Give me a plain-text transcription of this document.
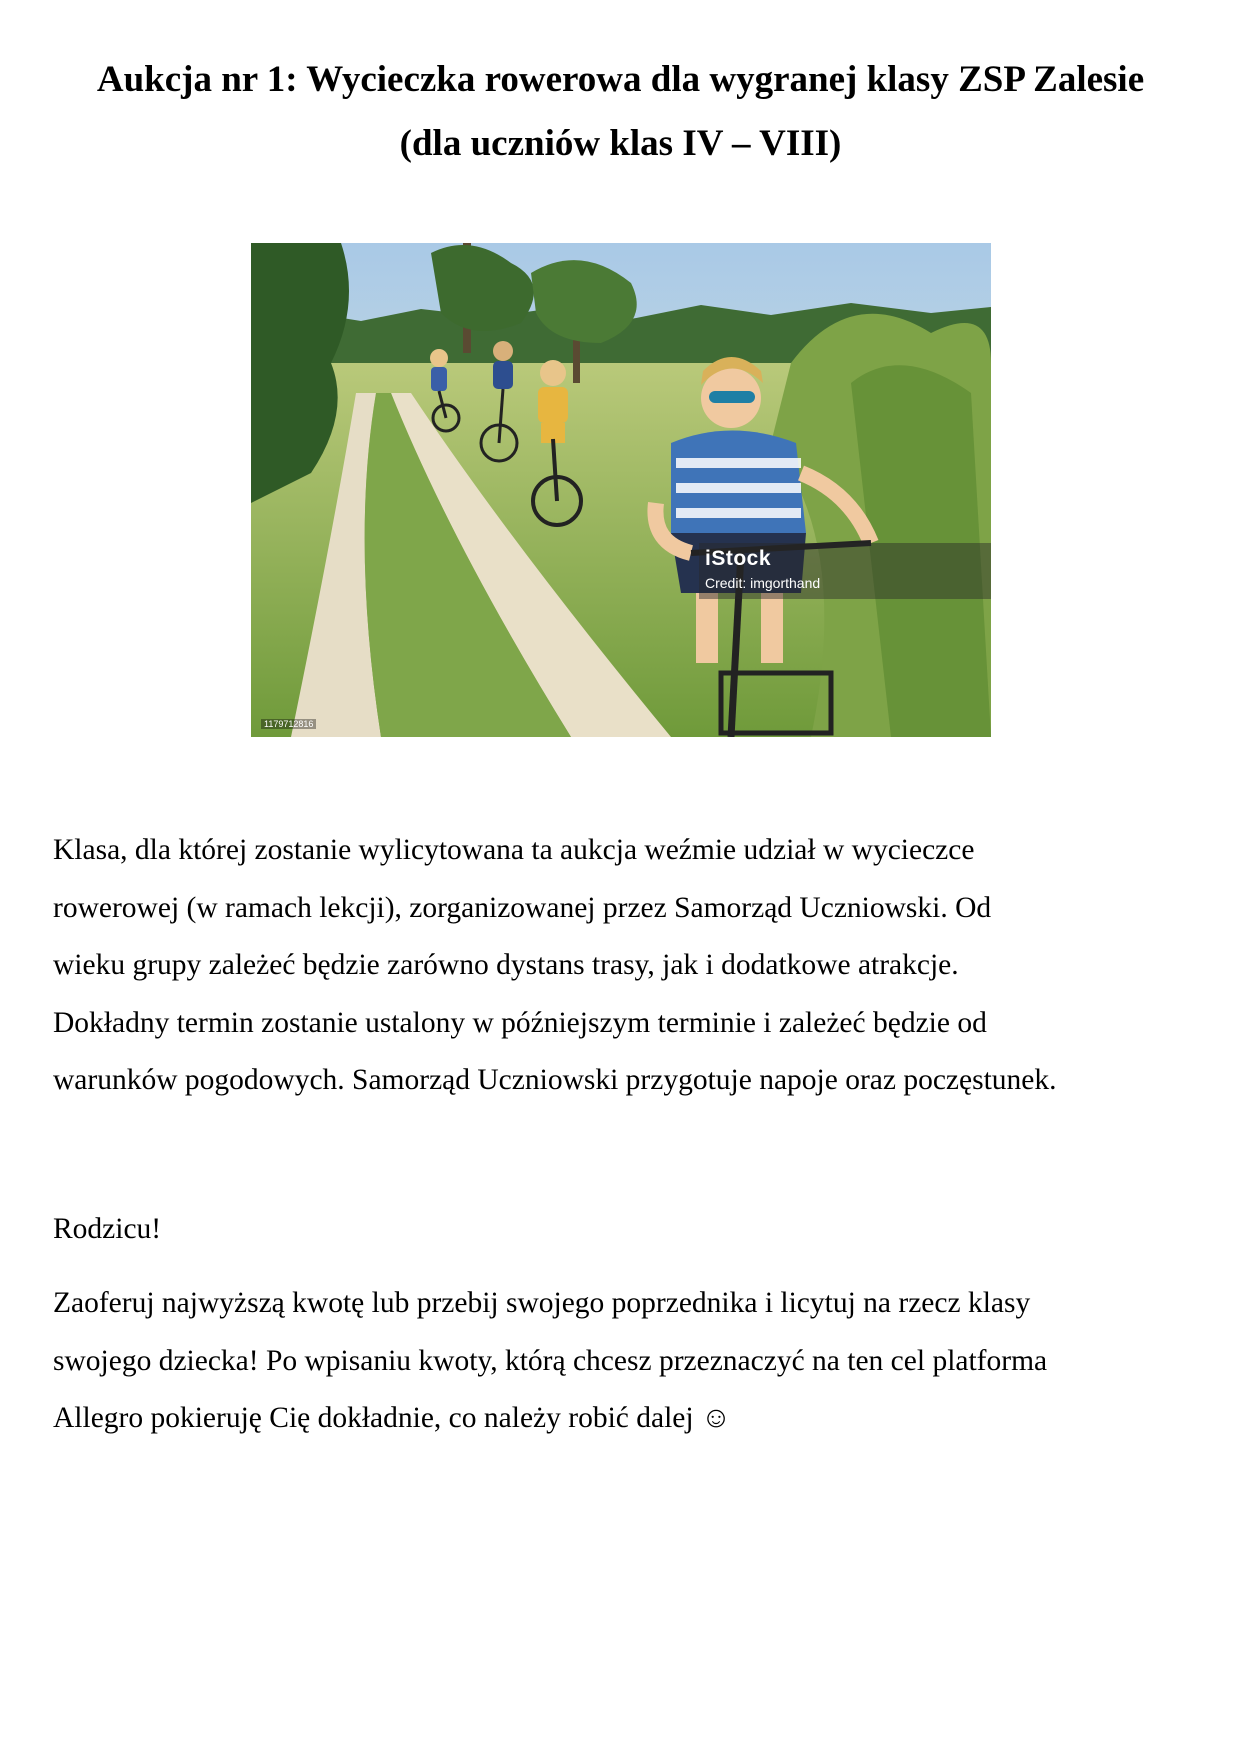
Aukcja nr 1: Wycieczka rowerowa dla wygranej klasy ZSP Zalesie
(dla uczniów klas IV – VIII)
iStock
Credit: imgorthand
1179712816

Klasa, dla której zostanie wylicytowana ta aukcja weźmie udział w wycieczce

rowerowej (w ramach lekcji), zorganizowanej przez Samorząd Uczniowski. Od

wieku grupy zależeć będzie zarówno dystans trasy, jak i dodatkowe atrakcje.

Dokładny termin zostanie ustalony w późniejszym terminie i zależeć będzie od

warunków pogodowych. Samorząd Uczniowski przygotuje napoje oraz poczęstunek.

Rodzicu!

Zaoferuj najwyższą kwotę lub przebij swojego poprzednika i licytuj na rzecz klasy

swojego dziecka! Po wpisaniu kwoty, którą chcesz przeznaczyć na ten cel platforma

Allegro pokieruję Cię dokładnie, co należy robić dalej ☺
